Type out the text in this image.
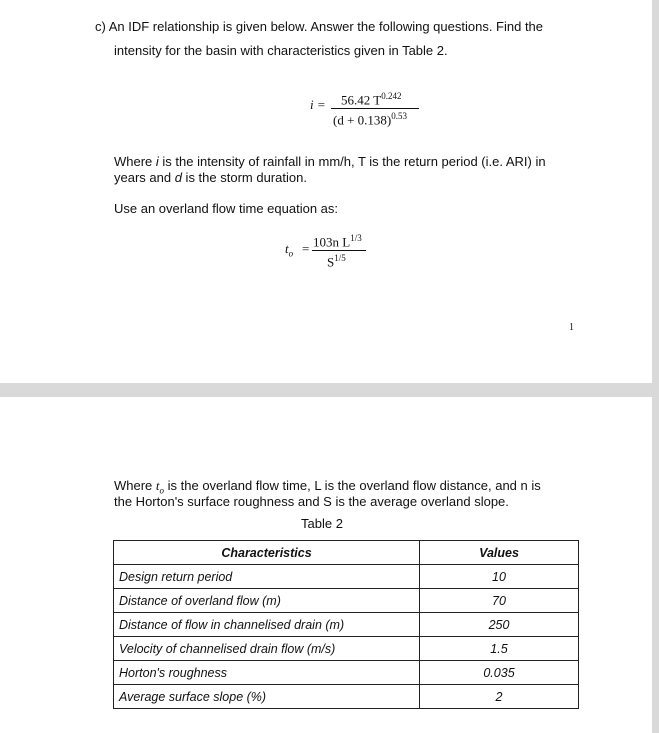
c) An IDF relationship is given below. Answer the following questions. Find the
intensity for the basin with characteristics given in Table 2.
i = 56.42 $T^{0.242}$
$(d + 0.138)^{0.53}$
Where i is the intensity of rainfall in mm/h, T is the return period (i.e. ARI) in
years and d is the storm duration.
Use an overland flow time equation as:
$t_o = 103n$ $L^{1/3}$
$S^{1/5}$
1
Where $t_o$ is the overland flow time, L is the overland flow distance, and n is
the Horton's surface roughness and S is the average overland slope.
Table 2
Characteristics	Values
Design return period	10
Distance of overland flow (m)	70
Distance of flow in channelised drain (m)	250
Velocity of channelised drain flow (m/s)	1.5
Horton's roughness	0.035
Average surface slope (%)	2
